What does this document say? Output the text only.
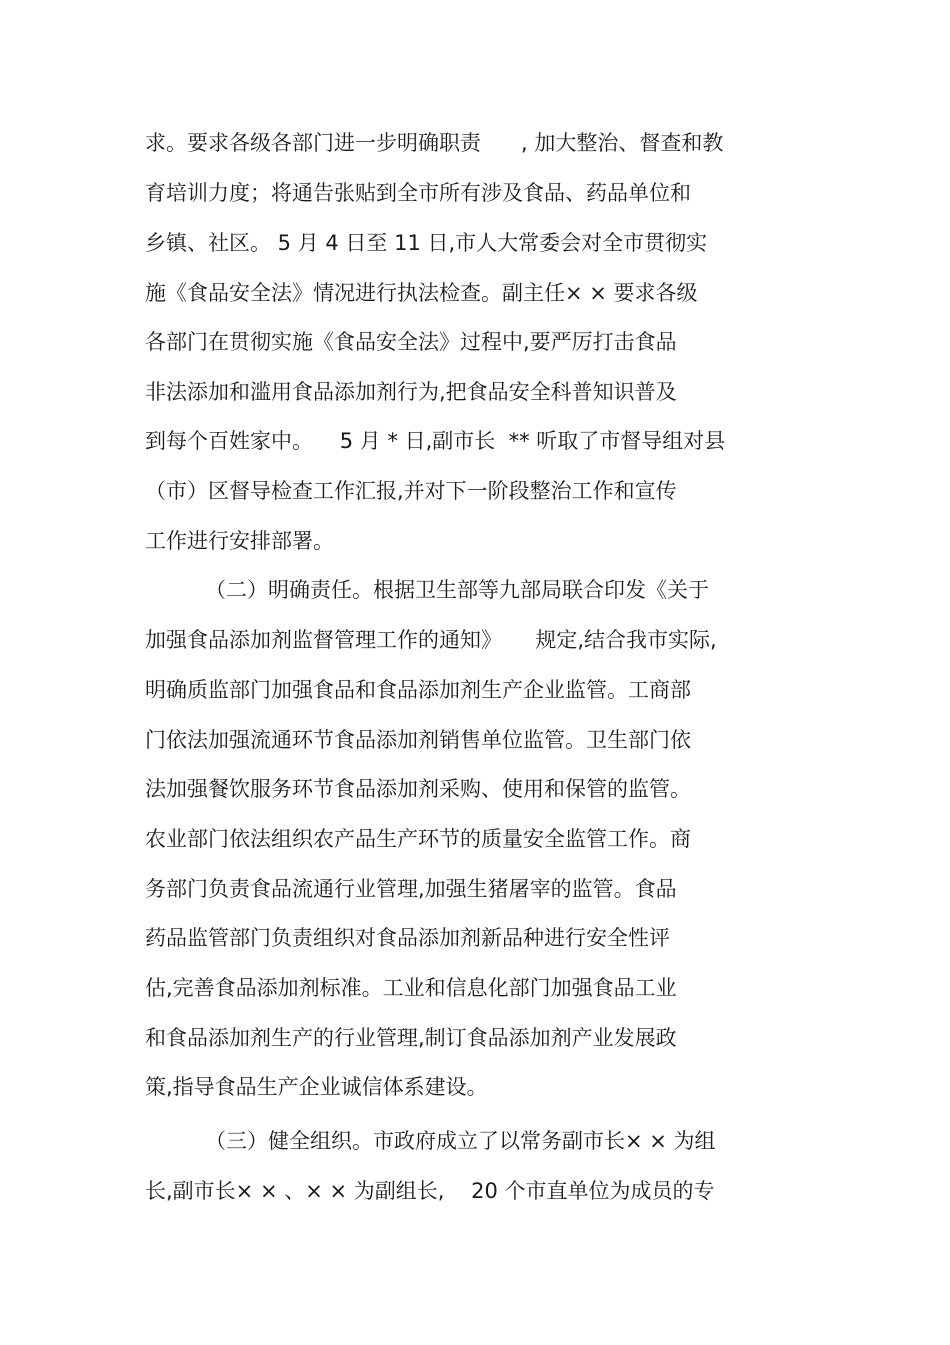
求。要求各级各部门进一步明确职责      , 加大整治、督查和教
育培训力度；将通告张贴到全市所有涉及食品、药品单位和
乡镇、社区。 5 月 4 日至 11 日,市人大常委会对全市贯彻实
施《食品安全法》情况进行执法检查。副主任× × 要求各级
各部门在贯彻实施《食品安全法》过程中,要严厉打击食品
非法添加和滥用食品添加剂行为,把食品安全科普知识普及
到每个百姓家中。    5 月 * 日,副市长  ** 听取了市督导组对县
（市）区督导检查工作汇报,并对下一阶段整治工作和宣传
工作进行安排部署。
（二）明确责任。根据卫生部等九部局联合印发《关于
加强食品添加剂监督管理工作的通知》     规定,结合我市实际,
明确质监部门加强食品和食品添加剂生产企业监管。工商部
门依法加强流通环节食品添加剂销售单位监管。卫生部门依
法加强餐饮服务环节食品添加剂采购、使用和保管的监管。
农业部门依法组织农产品生产环节的质量安全监管工作。商
务部门负责食品流通行业管理,加强生猪屠宰的监管。食品
药品监管部门负责组织对食品添加剂新品种进行安全性评
估,完善食品添加剂标准。工业和信息化部门加强食品工业
和食品添加剂生产的行业管理,制订食品添加剂产业发展政
策,指导食品生产企业诚信体系建设。
（三）健全组织。市政府成立了以常务副市长× × 为组
长,副市长× × 、× × 为副组长,    20 个市直单位为成员的专
